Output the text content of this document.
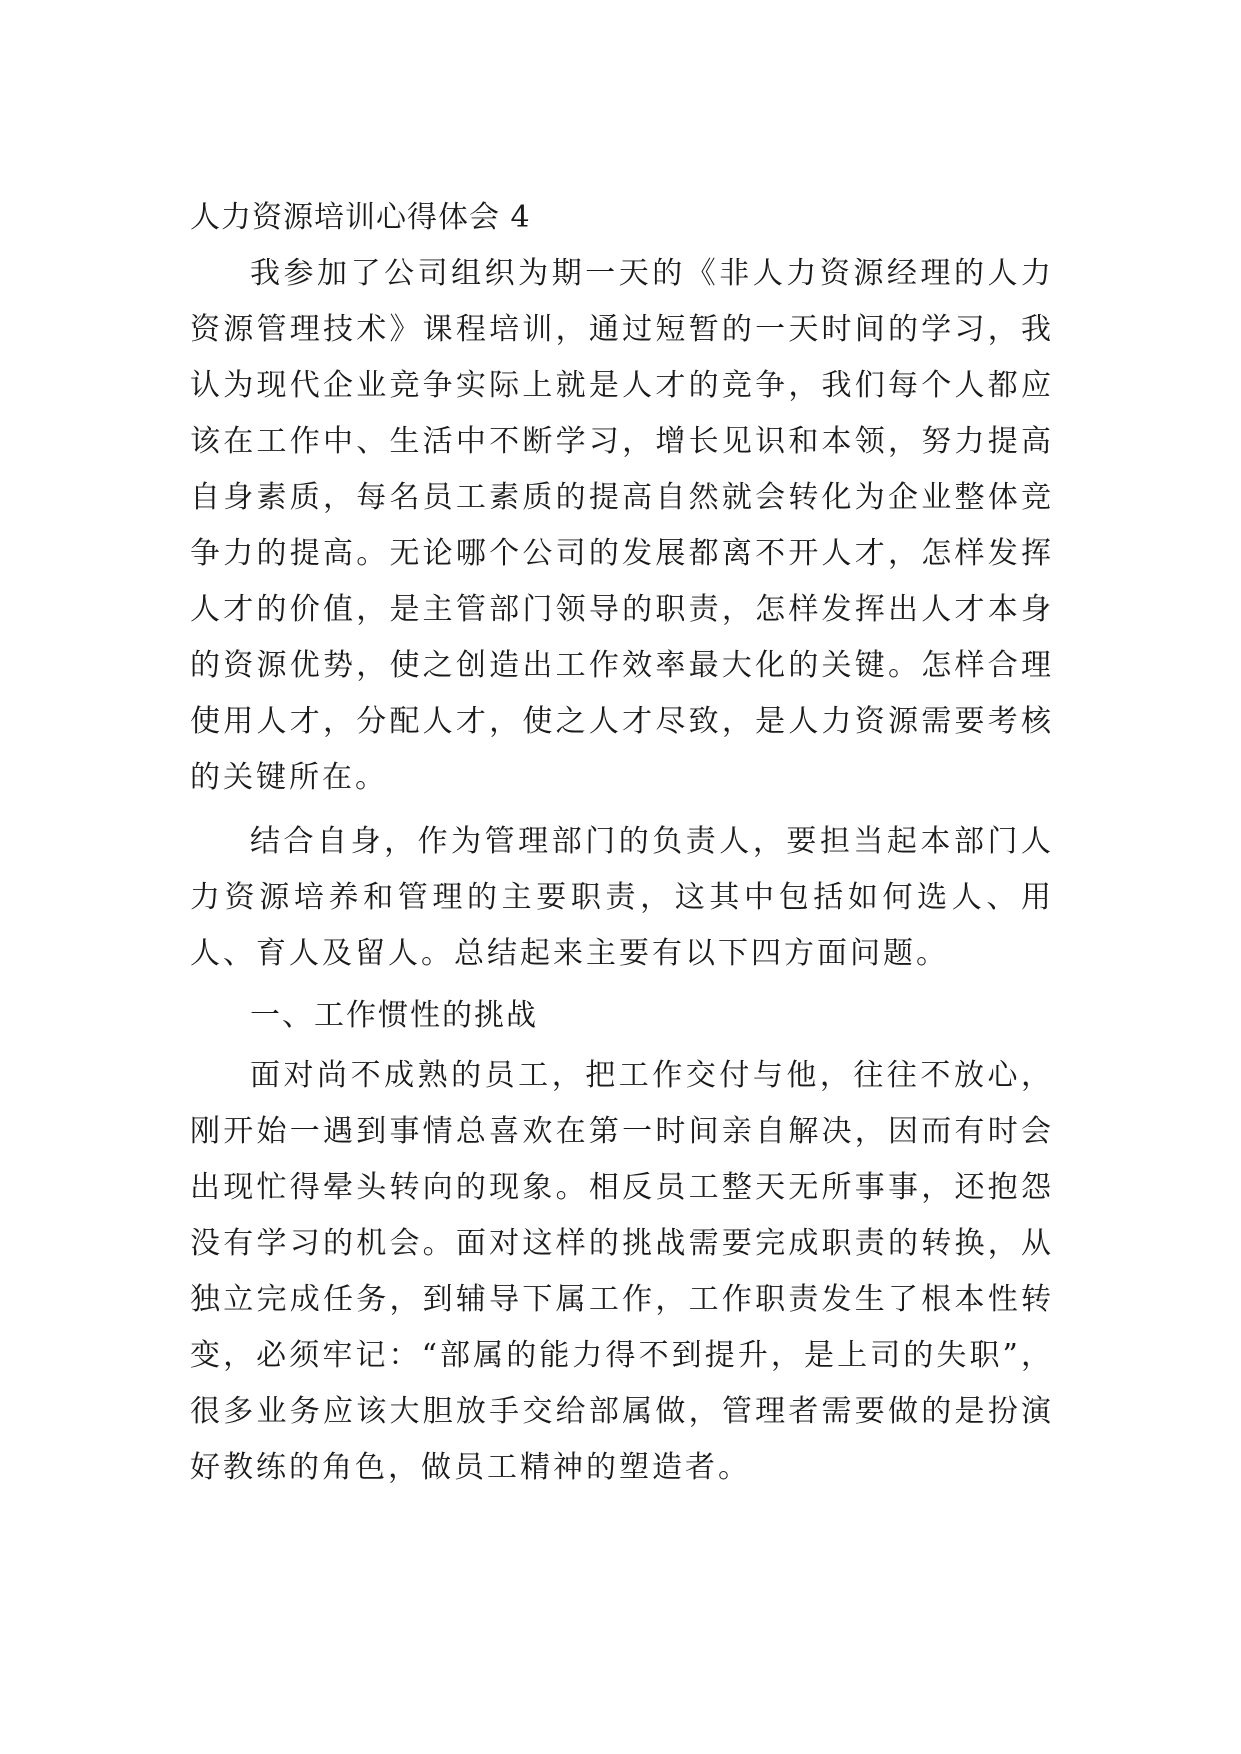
人力资源培训心得体会 4

我参加了公司组织为期一天的《非人力资源经理的人力资源管理技术》课程培训，通过短暂的一天时间的学习，我认为现代企业竞争实际上就是人才的竞争，我们每个人都应该在工作中、生活中不断学习，增长见识和本领，努力提高自身素质，每名员工素质的提高自然就会转化为企业整体竞争力的提高。无论哪个公司的发展都离不开人才，怎样发挥人才的价值，是主管部门领导的职责，怎样发挥出人才本身的资源优势，使之创造出工作效率最大化的关键。怎样合理使用人才，分配人才，使之人才尽致，是人力资源需要考核的关键所在。

结合自身，作为管理部门的负责人，要担当起本部门人力资源培养和管理的主要职责，这其中包括如何选人、用人、育人及留人。总结起来主要有以下四方面问题。

一、工作惯性的挑战

面对尚不成熟的员工，把工作交付与他，往往不放心，刚开始一遇到事情总喜欢在第一时间亲自解决，因而有时会出现忙得晕头转向的现象。相反员工整天无所事事，还抱怨没有学习的机会。面对这样的挑战需要完成职责的转换，从独立完成任务，到辅导下属工作，工作职责发生了根本性转变，必须牢记：“部属的能力得不到提升，是上司的失职”，很多业务应该大胆放手交给部属做，管理者需要做的是扮演好教练的角色，做员工精神的塑造者。
